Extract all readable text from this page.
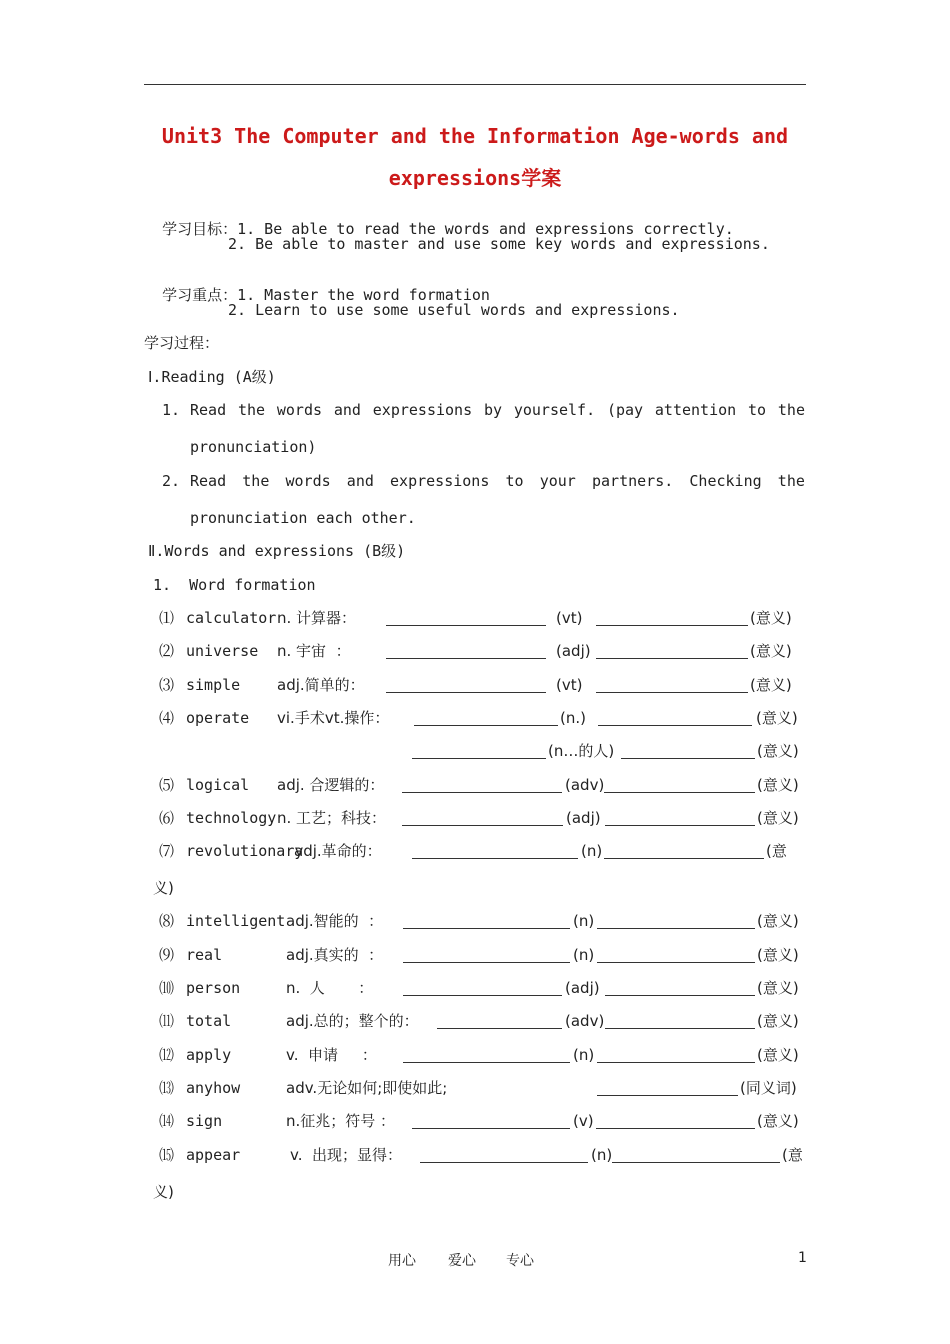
Unit3 The Computer and the Information Age-words and
expressions学案

学习目标：1. Be able to read the words and expressions correctly.

2. Be able to master and use some key words and expressions.

学习重点：1. Master the word formation

2. Learn to use some useful words and expressions.
学习过程：
Ⅰ.Reading (A级)
1. Read the words and expressions by yourself. (pay attention to the
pronunciation)
2. Read the words and expressions to your partners. Checking the
pronunciation each other.
Ⅱ.Words and expressions (B级)
1.  Word formation
⑴ calculator n. 计算器：	(vt)	(意义)
⑵ universe n. 宇宙  ：	(adj)	(意义)
⑶ simple adj.简单的：	(vt)	(意义)
⑷ operate vi.手术vt.操作：	(n.)	(意义)
(n…的人)	(意义)
⑸ logical adj. 合逻辑的：	(adv)	(意义)
⑹ technology n. 工艺；科技：	(adj)	(意义)
⑺ revolutionary
adj.革命的：	(n)	(意
义)
⑻ intelligent adj.智能的  ：	(n)	(意义)
⑼ real	adj.真实的  ：	(n)	(意义)
⑽ person	n.  人       ：	(adj)	(意义)
⑾ total	adj.总的；整个的：	(adv)	(意义)
⑿ apply	v.  申请     ：	(n)	(意义)
⒀ anyhow	adv.无论如何;即使如此;	(同义词)
⒁ sign	n.征兆；符号 ：	(v)	(意义)
⒂ appear	v.  出现；显得：	(n)	(意
义)
用心 爱心 专心	1
